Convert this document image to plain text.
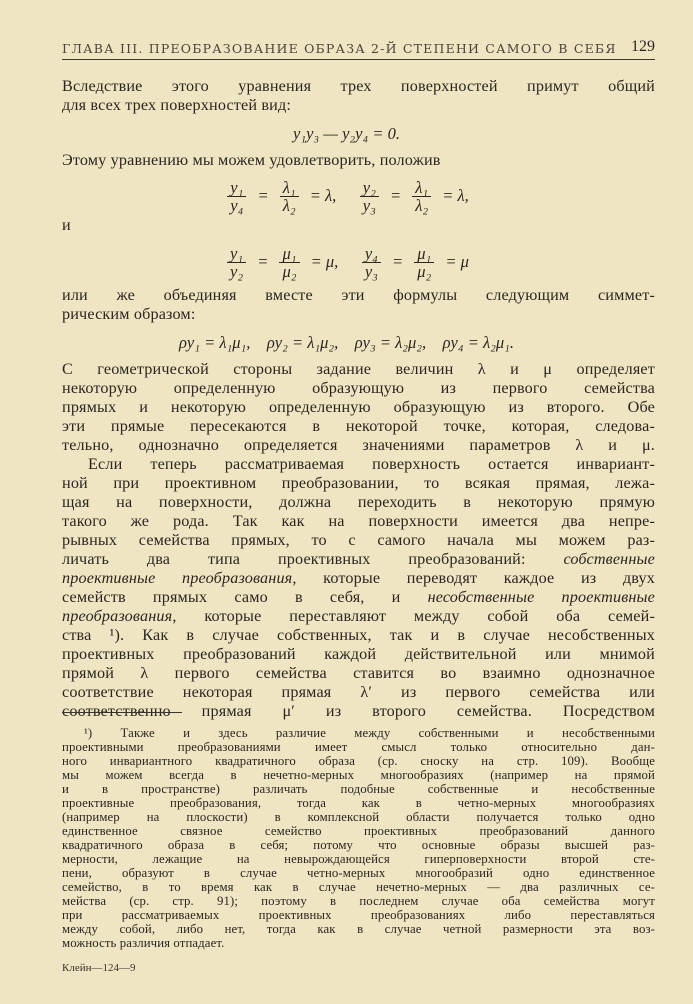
ГЛАВА III. ПРЕОБРАЗОВАНИЕ ОБРАЗА 2-Й СТЕПЕНИ САМОГО В СЕБЯ 129
Вследствие этого уравнения трех поверхностей примут общий
для всех трех поверхностей вид:
y₁y₃ — y₂y₄ = 0.
Этому уравнению мы можем удовлетворить, положив
$\frac{\text{y₁}}{\text{y₄}} = \frac{\text{λ₁}}{\text{λ₂}} = \lambda$, $\frac{\text{y₂}}{\text{y₃}} = \frac{\text{λ₁}}{\text{λ₂}} = \lambda$,
и
$\frac{\text{y₁}}{\text{y₂}} = \frac{\text{μ₁}}{\text{μ₂}} = \mu$, $\frac{\text{y₄}}{\text{y₃}} = \frac{\text{μ₁}}{\text{μ₂}} = \mu$
или же объединяя вместе эти формулы следующим симмет-
рическим образом:
ρy₁ = λ₁μ₁,    ρy₂ = λ₁μ₂,    ρy₃ = λ₂μ₂,    ρy₄ = λ₂μ₁.
С геометрической стороны задание величин λ и μ определяет
некоторую определенную образующую из первого семейства
прямых и некоторую определенную образующую из второго. Обе
эти прямые пересекаются в некоторой точке, которая, следова-
тельно, однозначно определяется значениями параметров λ и μ.
Если теперь рассматриваемая поверхность остается инвариант-
ной при проективном преобразовании, то всякая прямая, лежа-
щая на поверхности, должна переходить в некоторую прямую
такого же рода. Так как на поверхности имеется два непре-
рывных семейства прямых, то с самого начала мы можем раз-
личать два типа проективных преобразований: собственные
проективные преобразования, которые переводят каждое из двух
семейств прямых само в себя, и несобственные проективные
преобразования, которые переставляют между собой оба семей-
ства ¹). Как в случае собственных, так и в случае несобственных
проективных преобразований каждой действительной или мнимой
прямой λ первого семейства ставится во взаимно однозначное
соответствие некоторая прямая λ′ из первого семейства или
соответственно прямая μ′ из второго семейства. Посредством
¹) Также и здесь различие между собственными и несобственными
проективными преобразованиями имеет смысл только относительно дан-
ного инвариантного квадратичного образа (ср. сноску на стр. 109). Вообще
мы можем всегда в нечетно-мерных многообразиях (например на прямой
и в пространстве) различать подобные собственные и несобственные
проективные преобразования, тогда как в четно-мерных многообразиях
(например на плоскости) в комплексной области получается только одно
единственное связное семейство проективных преобразований данного
квадратичного образа в себя; потому что основные образы высшей раз-
мерности, лежащие на невырождающейся гиперповерхности второй сте-
пени, образуют в случае четно-мерных многообразий одно единственное
семейство, в то время как в случае нечетно-мерных — два различных се-
мейства (ср. стр. 91); поэтому в последнем случае оба семейства могут
при рассматриваемых проективных преобразованиях либо переставляться
между собой, либо нет, тогда как в случае четной размерности эта воз-
можность различия отпадает.
Клейн—124—9
